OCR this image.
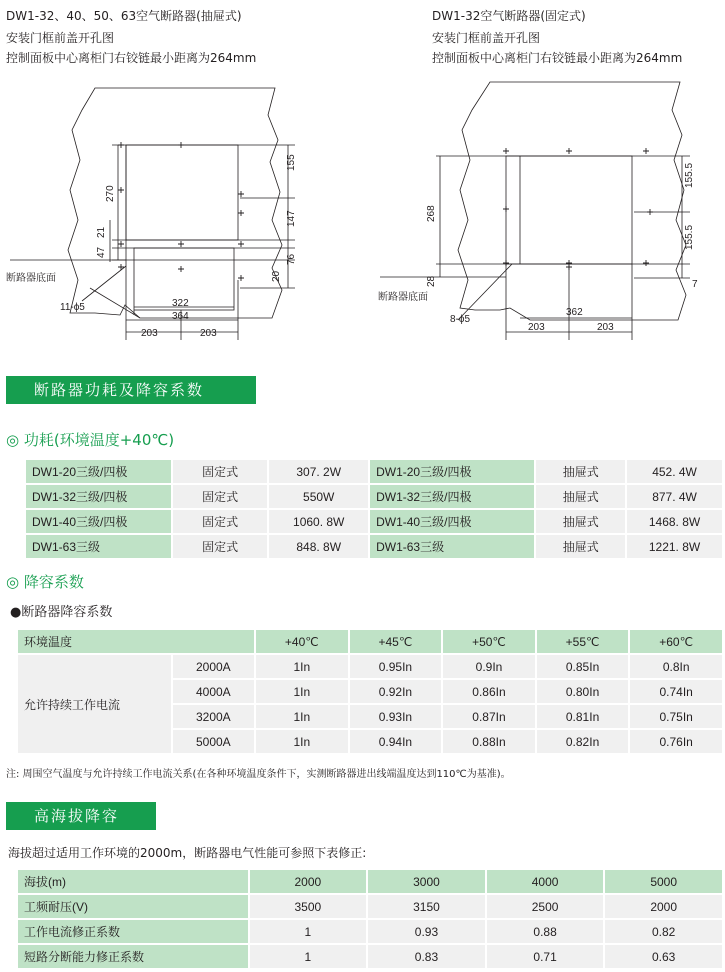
DW1-32、40、50、63空气断路器(抽屉式)
安装门框前盖开孔图
控制面板中心离柜门右铰链最小距离为264mm
DW1-32空气断路器(固定式)
安装门框前盖开孔图
控制面板中心离柜门右铰链最小距离为264mm
155
147
76
20
270
21
47
322
364
203	203
断路器底面
11-ϕ5
155.5
155.5
7
268
28
362
203	203
断路器底面
8-ϕ5
断路器功耗及降容系数
◎ 功耗(环境温度+40℃)
DW1-20三级/四极	固定式	307. 2W	DW1-20三级/四极	抽屉式	452. 4W
DW1-32三级/四极	固定式	550W	DW1-32三级/四极	抽屉式	877. 4W
DW1-40三级/四极	固定式	1060. 8W	DW1-40三级/四极	抽屉式	1468. 8W
DW1-63三级	固定式	848. 8W	DW1-63三级	抽屉式	1221. 8W
◎ 降容系数
●断路器降容系数
环境温度		+40℃	+45℃	+50℃	+55℃	+60℃
允许持续工作电流	2000A	1In	0.95In	0.9In	0.85In	0.8In
	4000A	1In	0.92In	0.86In	0.80In	0.74In
	3200A	1In	0.93In	0.87In	0.81In	0.75In
	5000A	1In	0.94In	0.88In	0.82In	0.76In
注: 周围空气温度与允许持续工作电流关系(在各种环境温度条件下，实测断路器进出线端温度达到110℃为基准)。
高海拔降容
海拔超过适用工作环境的2000m，断路器电气性能可参照下表修正:
海拔(m)	2000	3000	4000	5000
工频耐压(V)	3500	3150	2500	2000
工作电流修正系数	1	0.93	0.88	0.82
短路分断能力修正系数	1	0.83	0.71	0.63
